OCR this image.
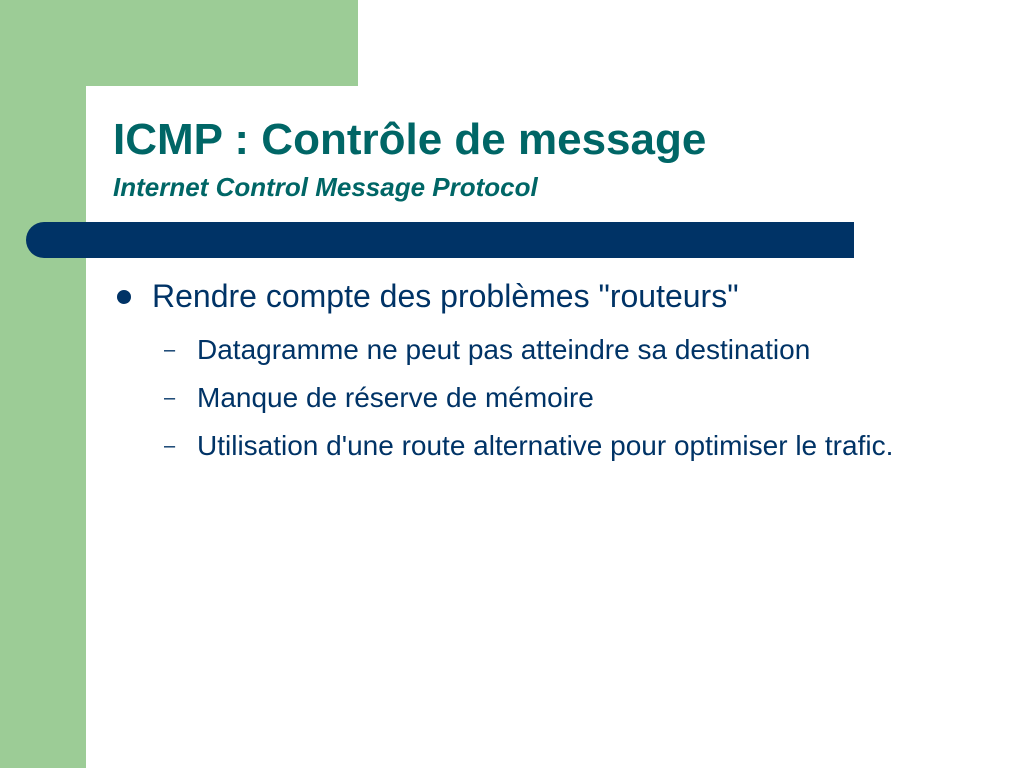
ICMP : Contrôle de message
Internet Control Message Protocol
Rendre compte des problèmes "routeurs"
– Datagramme ne peut pas atteindre sa destination
– Manque de réserve de mémoire
– Utilisation d'une route alternative pour optimiser le trafic.
